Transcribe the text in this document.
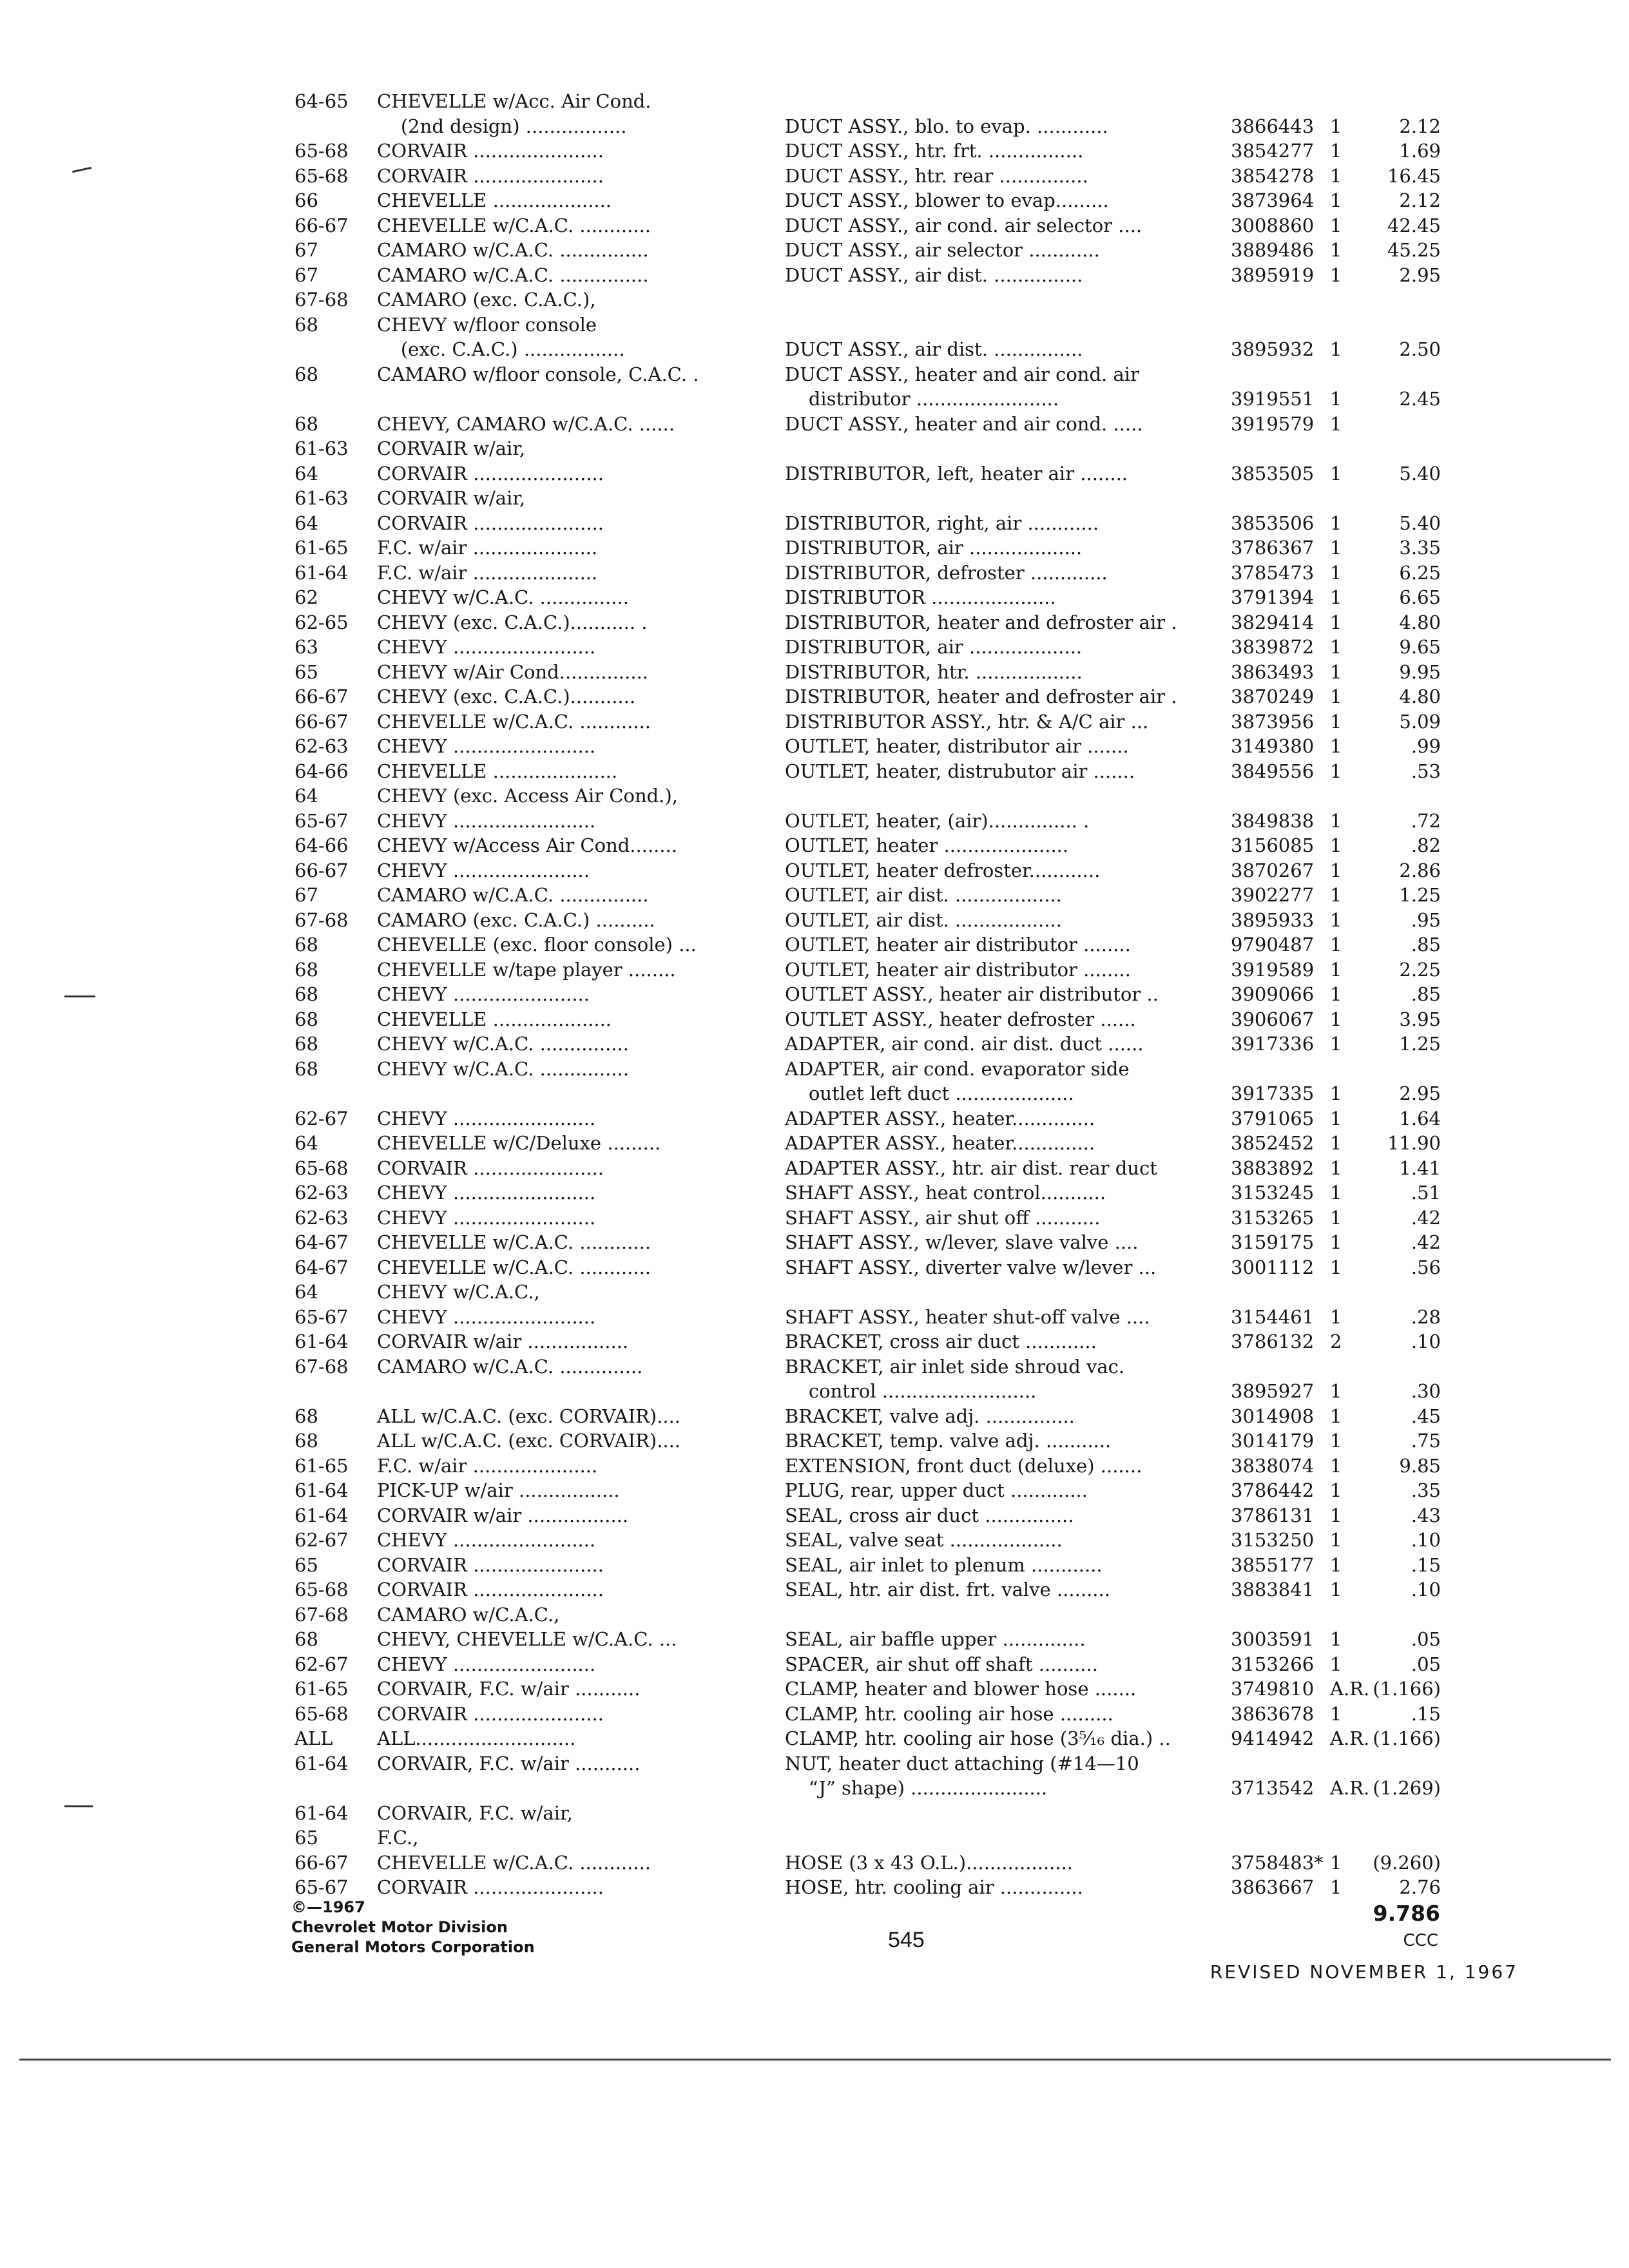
64-65 CHEVELLE w/Acc. Air Cond.
(2nd design) .................	DUCT ASSY., blo. to evap. ............	3866443 1	2.12
65-68 CORVAIR ......................	DUCT ASSY., htr. frt. ................	3854277 1	1.69
65-68 CORVAIR ......................	DUCT ASSY., htr. rear ...............	3854278 1 16.45
66	CHEVELLE ....................	DUCT ASSY., blower to evap.........	3873964 1	2.12
66-67 CHEVELLE w/C.A.C. ............	DUCT ASSY., air cond. air selector ....	3008860 1 42.45
67	CAMARO w/C.A.C. ...............	DUCT ASSY., air selector ............	3889486 1 45.25
67	CAMARO w/C.A.C. ...............	DUCT ASSY., air dist. ...............	3895919 1	2.95
67-68 CAMARO (exc. C.A.C.),
68	CHEVY w/floor console
(exc. C.A.C.) .................	DUCT ASSY., air dist. ...............	3895932 1	2.50
68	CAMARO w/floor console, C.A.C. .	DUCT ASSY., heater and air cond. air
distributor ........................	3919551 1	2.45
68	CHEVY, CAMARO w/C.A.C. ......	DUCT ASSY., heater and air cond. .....	3919579 1
61-63 CORVAIR w/air,
64	CORVAIR ......................	DISTRIBUTOR, left, heater air ........	3853505 1	5.40
61-63 CORVAIR w/air,
64	CORVAIR ......................	DISTRIBUTOR, right, air ............	3853506 1	5.40
61-65 F.C. w/air .....................	DISTRIBUTOR, air ...................	3786367 1	3.35
61-64 F.C. w/air .....................	DISTRIBUTOR, defroster .............	3785473 1	6.25
62	CHEVY w/C.A.C. ...............	DISTRIBUTOR .....................	3791394 1	6.65
62-65 CHEVY (exc. C.A.C.)........... .	DISTRIBUTOR, heater and defroster air .	3829414 1	4.80
63	CHEVY ........................	DISTRIBUTOR, air ...................	3839872 1	9.65
65	CHEVY w/Air Cond...............	DISTRIBUTOR, htr. ..................	3863493 1	9.95
66-67 CHEVY (exc. C.A.C.)...........	DISTRIBUTOR, heater and defroster air .	3870249 1	4.80
66-67 CHEVELLE w/C.A.C. ............	DISTRIBUTOR ASSY., htr. & A/C air ...	3873956 1	5.09
62-63 CHEVY ........................	OUTLET, heater, distributor air .......	3149380 1	.99
64-66 CHEVELLE .....................	OUTLET, heater, distrubutor air .......	3849556 1	.53
64	CHEVY (exc. Access Air Cond.),
65-67 CHEVY ........................	OUTLET, heater, (air)............... .	3849838 1	.72
64-66 CHEVY w/Access Air Cond........	OUTLET, heater .....................	3156085 1	.82
66-67 CHEVY .......................	OUTLET, heater defroster............	3870267 1	2.86
67	CAMARO w/C.A.C. ...............	OUTLET, air dist. ..................	3902277 1	1.25
67-68 CAMARO (exc. C.A.C.) ..........	OUTLET, air dist. ..................	3895933 1	.95
68	CHEVELLE (exc. floor console) ...	OUTLET, heater air distributor ........	9790487 1	.85
68	CHEVELLE w/tape player ........	OUTLET, heater air distributor ........	3919589 1	2.25
68	CHEVY .......................	OUTLET ASSY., heater air distributor ..	3909066 1	.85
68	CHEVELLE ....................	OUTLET ASSY., heater defroster ......	3906067 1	3.95
68	CHEVY w/C.A.C. ...............	ADAPTER, air cond. air dist. duct ......	3917336 1	1.25
68	CHEVY w/C.A.C. ...............	ADAPTER, air cond. evaporator side
outlet left duct ....................	3917335 1	2.95
62-67 CHEVY ........................	ADAPTER ASSY., heater..............	3791065 1	1.64
64	CHEVELLE w/C/Deluxe .........	ADAPTER ASSY., heater..............	3852452 1 11.90
65-68 CORVAIR ......................	ADAPTER ASSY., htr. air dist. rear duct	3883892 1	1.41
62-63 CHEVY ........................	SHAFT ASSY., heat control...........	3153245 1	.51
62-63 CHEVY ........................	SHAFT ASSY., air shut off ...........	3153265 1	.42
64-67 CHEVELLE w/C.A.C. ............	SHAFT ASSY., w/lever, slave valve ....	3159175 1	.42
64-67 CHEVELLE w/C.A.C. ............	SHAFT ASSY., diverter valve w/lever ...	3001112 1	.56
64	CHEVY w/C.A.C.,
65-67 CHEVY ........................	SHAFT ASSY., heater shut-off valve ....	3154461 1	.28
61-64 CORVAIR w/air .................	BRACKET, cross air duct ............	3786132 2	.10
67-68 CAMARO w/C.A.C. ..............	BRACKET, air inlet side shroud vac.
control ..........................	3895927 1	.30
68	ALL w/C.A.C. (exc. CORVAIR)....	BRACKET, valve adj. ...............	3014908 1	.45
68	ALL w/C.A.C. (exc. CORVAIR)....	BRACKET, temp. valve adj. ...........	3014179 1	.75
61-65 F.C. w/air .....................	EXTENSION, front duct (deluxe) .......	3838074 1	9.85
61-64 PICK-UP w/air .................	PLUG, rear, upper duct .............	3786442 1	.35
61-64 CORVAIR w/air .................	SEAL, cross air duct ...............	3786131 1	.43
62-67 CHEVY ........................	SEAL, valve seat ...................	3153250 1	.10
65	CORVAIR ......................	SEAL, air inlet to plenum ............	3855177 1	.15
65-68 CORVAIR ......................	SEAL, htr. air dist. frt. valve .........	3883841 1	.10
67-68 CAMARO w/C.A.C.,
68	CHEVY, CHEVELLE w/C.A.C. ...	SEAL, air baffle upper ..............	3003591 1	.05
62-67 CHEVY ........................	SPACER, air shut off shaft ..........	3153266 1	.05
61-65 CORVAIR, F.C. w/air ...........	CLAMP, heater and blower hose .......	3749810 A.R. (1.166)
65-68 CORVAIR ......................	CLAMP, htr. cooling air hose .........	3863678 1	.15
ALL ALL...........................	CLAMP, htr. cooling air hose (3⁵⁄₁₆ dia.) ..	9414942 A.R. (1.166)
61-64 CORVAIR, F.C. w/air ...........	NUT, heater duct attaching (#14—10
“J” shape) .......................	3713542 A.R. (1.269)
61-64 CORVAIR, F.C. w/air,
65	F.C.,
66-67 CHEVELLE w/C.A.C. ............	HOSE (3 x 43 O.L.)..................	3758483* 1 (9.260)
65-67 CORVAIR ......................	HOSE, htr. cooling air ..............	3863667 1	2.76
©—1967
Chevrolet Motor Division
General Motors Corporation	545
9.786
CCC
REVISED NOVEMBER 1, 1967
